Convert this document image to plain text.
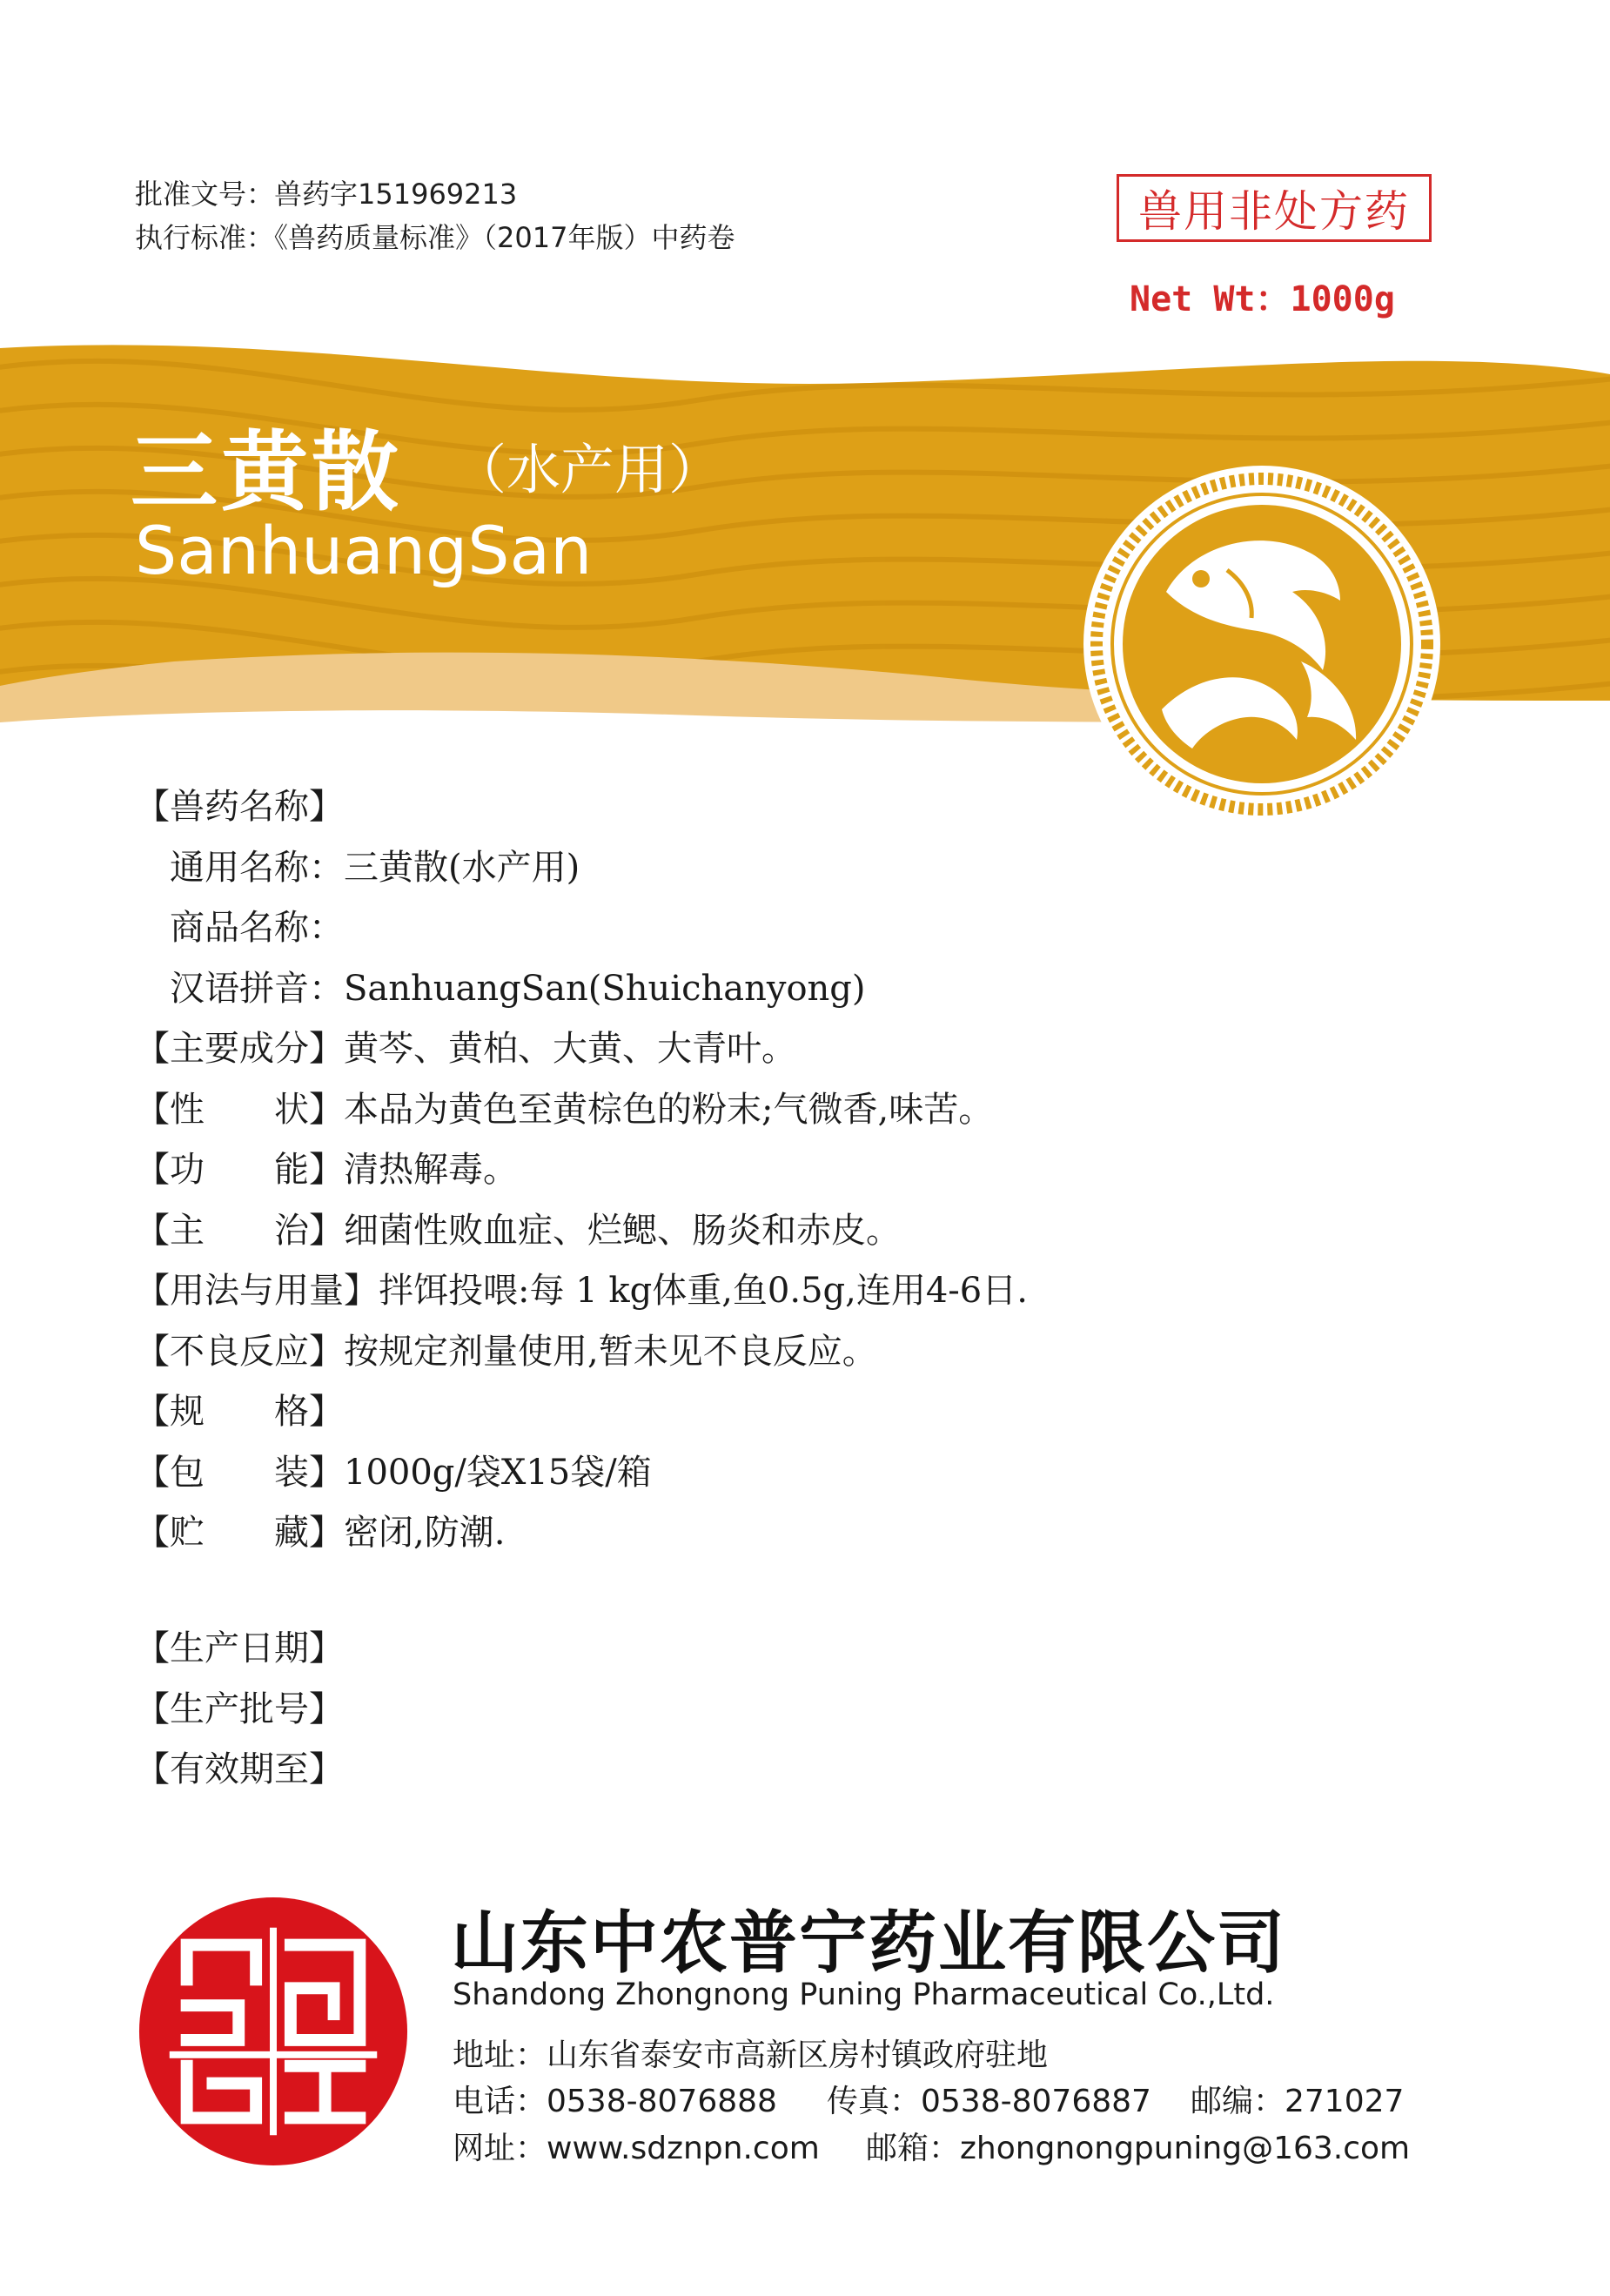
批准文号：兽药字151969213
执行标准：《兽药质量标准》（2017年版）中药卷
兽用非处方药
Net Wt：1000g
三黄散 （水产用）
SanhuangSan
【兽药名称】
通用名称：三黄散(水产用)
商品名称：
汉语拼音：SanhuangSan(Shuichanyong)
【主要成分】黄芩、黄柏、大黄、大青叶。
【性　　状】本品为黄色至黄棕色的粉末;气微香,味苦。
【功　　能】清热解毒。
【主　　治】细菌性败血症、烂鳃、肠炎和赤皮。
【用法与用量】拌饵投喂:每 1 kg体重,鱼0.5g,连用4-6日.
【不良反应】按规定剂量使用,暂未见不良反应。
【规　　格】
【包　　装】1000g/袋X15袋/箱
【贮　　藏】密闭,防潮.
【生产日期】
【生产批号】
【有效期至】
山东中农普宁药业有限公司
Shandong Zhongnong Puning Pharmaceutical Co.,Ltd.
地址：山东省泰安市高新区房村镇政府驻地
电话：0538-8076888 传真：0538-8076887 邮编：271027
网址：www.sdznpn.com 邮箱：zhongnongpuning@163.com
